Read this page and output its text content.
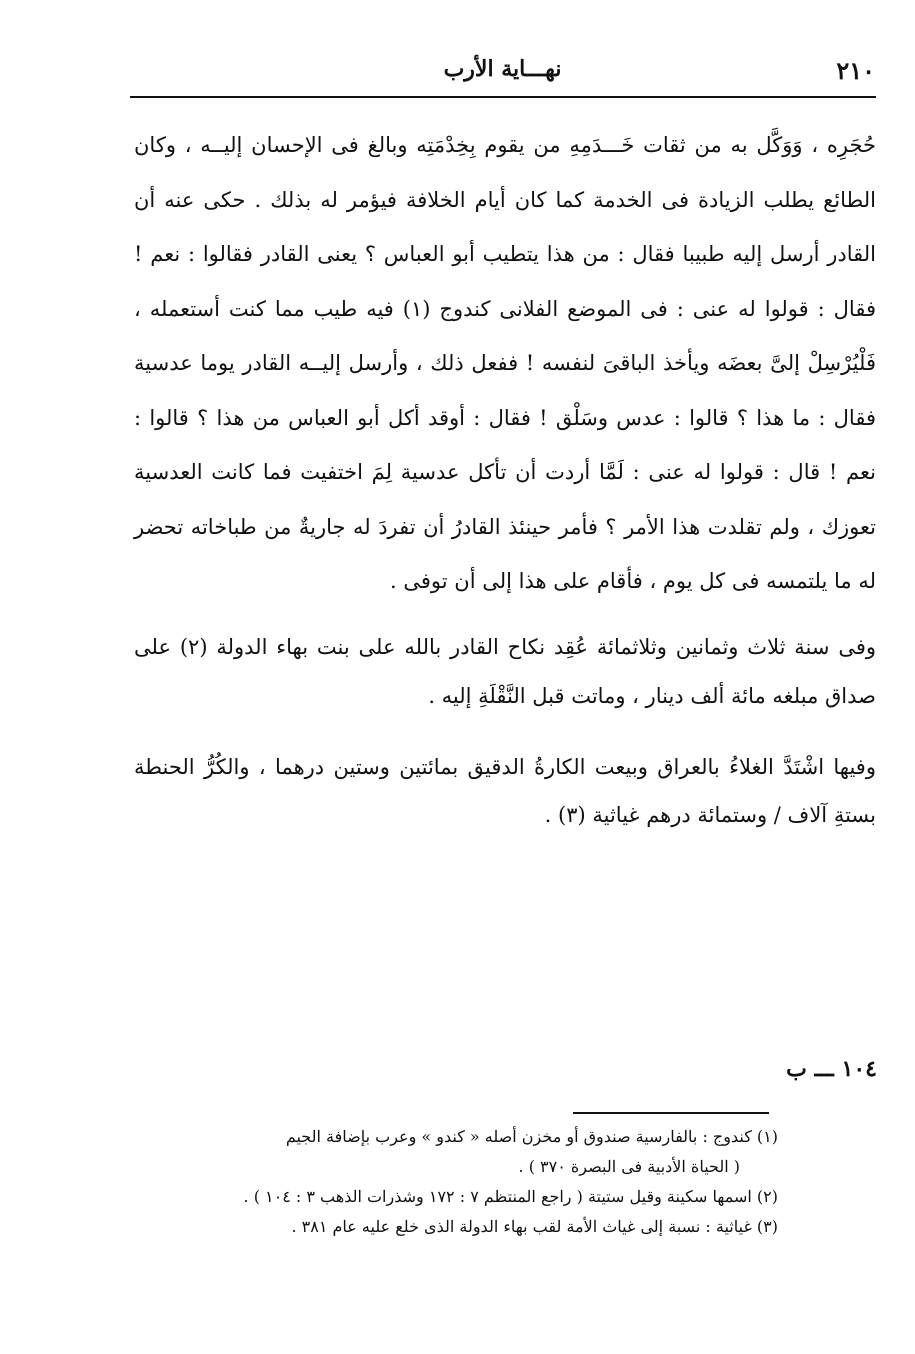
٢١٠
نهـــاية الأرب

حُجَرِه ، وَوَكَّل به من ثقات خَـــدَمِهِ من يقوم بِخِدْمَتِه وبالغ فى الإحسان إليــه ، وكان الطائع يطلب الزيادة فى الخدمة كما كان أيام الخلافة فيؤمر له بذلك . حكى عنه أن القادر أرسل إليه طبيبا فقال : من هذا يتطيب أبو العباس ؟ يعنى القادر فقالوا : نعم ! فقال : قولوا له عنى : فى الموضع الفلانى كندوج (١) فيه طيب مما كنت أستعمله ، فَلْيُرْسِلْ إلىَّ بعضَه ويأخذ الباقىَ لنفسه ! ففعل ذلك ، وأرسل إليــه القادر يوما عدسية فقال : ما هذا ؟ قالوا : عدس وسَلْق ! فقال : أوقد أكل أبو العباس من هذا ؟ قالوا : نعم ! قال : قولوا له عنى : لَمَّا أردت أن تأكل عدسية لِمَ اختفيت فما كانت العدسية تعوزك ، ولم تقلدت هذا الأمر ؟ فأمر حينئذ القادرُ أن تفردَ له جاريةٌ من طباخاته تحضر له ما يلتمسه فى كل يوم ، فأقام على هذا إلى أن توفى .

وفى سنة ثلاث وثمانين وثلاثمائة عُقِد نكاح القادر بالله على بنت بهاء الدولة (٢) على صداق مبلغه مائة ألف دينار ، وماتت قبل النَّقْلَةِ إليه .

وفيها اشْتَدَّ الغلاءُ بالعراق وبيعت الكارةُ الدقيق بمائتين وستين درهما ، والكُرُّ الحنطة بستةِ آلاف / وستمائة درهم غياثية (٣) .

١٠٤ ـــ ب

(١) كندوج : بالفارسية صندوق أو مخزن أصله « كندو » وعرب بإضافة الجيم

( الحياة الأدبية فى البصرة ٣٧٠ ) .

(٢) اسمها سكينة وقيل ستيتة ( راجع المنتظم ٧ : ١٧٢ وشذرات الذهب ٣ : ١٠٤ ) .

(٣) غياثية : نسبة إلى غياث الأمة لقب بهاء الدولة الذى خلع عليه عام ٣٨١ .
